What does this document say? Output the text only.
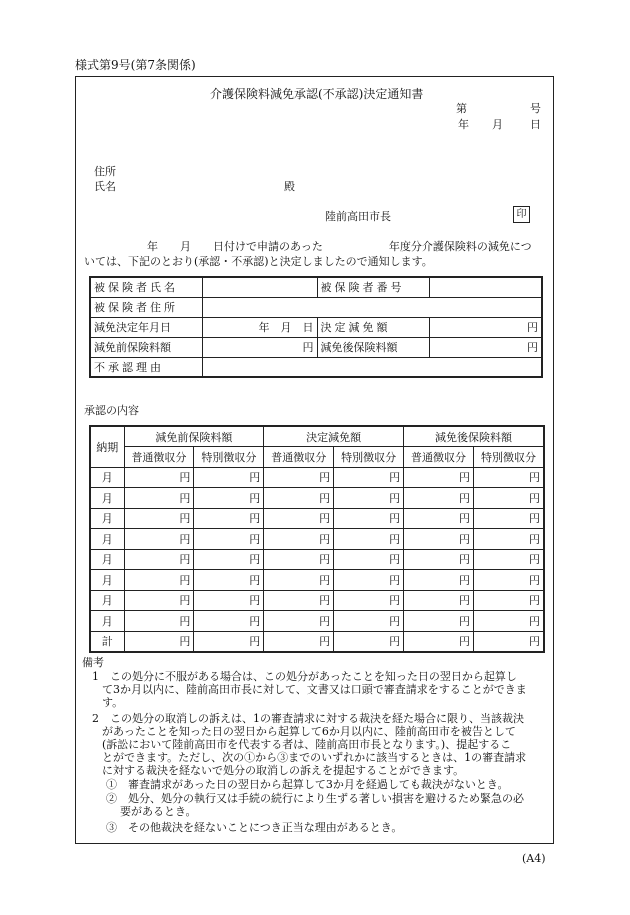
様式第9号(第7条関係)
介護保険料減免承認(不承認)決定通知書
第	号
年 月 日
住所
氏名	殿
陸前高田市長	印
年　　月　　日付けで申請のあった　　　　　　年度分介護保険料の減免につ
いては、下記のとおり(承認・不承認)と決定しましたので通知します。
被保険者氏名		被保険者番号	
被保険者住所			
減免決定年月日	年　月　日	決定減免額	円
減免前保険料額	円	減免後保険料額	円
不承認理由			
承認の内容
納期	減免前保険料額		決定減免額		減免後保険料額	
	普通徴収分	特別徴収分	普通徴収分	特別徴収分	普通徴収分	特別徴収分
月	円	円	円	円	円	円
月	円	円	円	円	円	円
月	円	円	円	円	円	円
月	円	円	円	円	円	円
月	円	円	円	円	円	円
月	円	円	円	円	円	円
月	円	円	円	円	円	円
月	円	円	円	円	円	円
計	円	円	円	円	円	円
備考
1　この処分に不服がある場合は、この処分があったことを知った日の翌日から起算し
て3か月以内に、陸前高田市長に対して、文書又は口頭で審査請求をすることができま
す。
2　この処分の取消しの訴えは、1の審査請求に対する裁決を経た場合に限り、当該裁決
があったことを知った日の翌日から起算して6か月以内に、陸前高田市を被告として
(訴訟において陸前高田市を代表する者は、陸前高田市長となります。)、提起するこ
とができます。ただし、次の①から③までのいずれかに該当するときは、1の審査請求
に対する裁決を経ないで処分の取消しの訴えを提起することができます。
①　審査請求があった日の翌日から起算して3か月を経過しても裁決がないとき。
②　処分、処分の執行又は手続の続行により生ずる著しい損害を避けるため緊急の必
要があるとき。
③　その他裁決を経ないことにつき正当な理由があるとき。
(A4)
